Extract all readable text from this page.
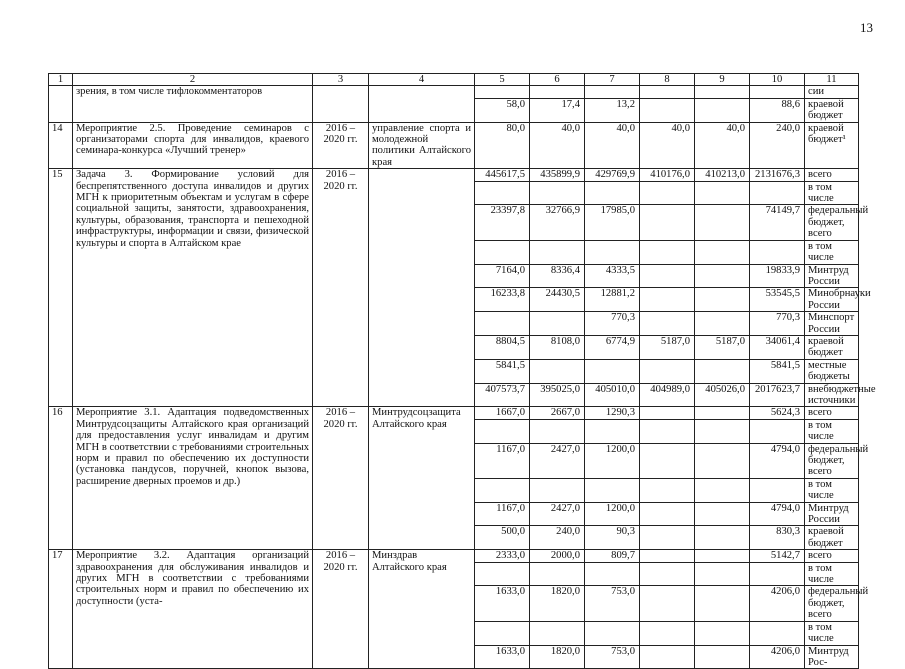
13
1	2	3	4	5	6	7	8	9	10	11
	зрения, в том числе тифлокомментаторов									сии
				58,0	17,4	13,2			88,6	краевой бюджет
14	Мероприятие 2.5. Проведение семинаров с организаторами спорта для инвалидов, краевого семинара-конкурса «Лучший тренер»	2016 – 2020 гг.	управление спорта и молодежной политики Алтайского края	80,0	40,0	40,0	40,0	40,0	240,0	краевой бюджет¹
15	Задача 3. Формирование условий для беспрепятственного доступа инвалидов и других МГН к приоритетным объектам и услугам в сфере социальной защиты, занятости, здравоохранения, культуры, образования, транспорта и пешеходной инфраструктуры, информации и связи, физической культуры и спорта в Алтайском крае	2016 – 2020 гг.		445617,5	435899,9	429769,9	410176,0	410213,0	2131676,3	всего
										в том числе
				23397,8	32766,9	17985,0			74149,7	федеральный бюджет, всего
										в том числе
				7164,0	8336,4	4333,5			19833,9	Минтруд России
				16233,8	24430,5	12881,2			53545,5	Минобрнауки России
						770,3			770,3	Минспорт России
				8804,5	8108,0	6774,9	5187,0	5187,0	34061,4	краевой бюджет
				5841,5					5841,5	местные бюджеты
				407573,7	395025,0	405010,0	404989,0	405026,0	2017623,7	внебюджетные источники
16	Мероприятие 3.1. Адаптация подведомственных Минтрудсоцзащиты Алтайского края организаций для предоставления услуг инвалидам и другим МГН в соответствии с требованиями строительных норм и правил по обеспечению их доступности (установка пандусов, поручней, кнопок вызова, расширение дверных проемов и др.)	2016 – 2020 гг.	Минтрудсоцзащита Алтайского края	1667,0	2667,0	1290,3			5624,3	всего
										в том числе
				1167,0	2427,0	1200,0			4794,0	федеральный бюджет, всего
										в том числе
				1167,0	2427,0	1200,0			4794,0	Минтруд России
				500,0	240,0	90,3			830,3	краевой бюджет
17	Мероприятие 3.2. Адаптация организаций здравоохранения для обслуживания инвалидов и других МГН в соответствии с требованиями строительных норм и правил по обеспечению их доступности (уста-	2016 – 2020 гг.	Минздрав Алтайского края	2333,0	2000,0	809,7			5142,7	всего
										в том числе
				1633,0	1820,0	753,0			4206,0	федеральный бюджет, всего
										в том числе
				1633,0	1820,0	753,0			4206,0	Минтруд Рос-
